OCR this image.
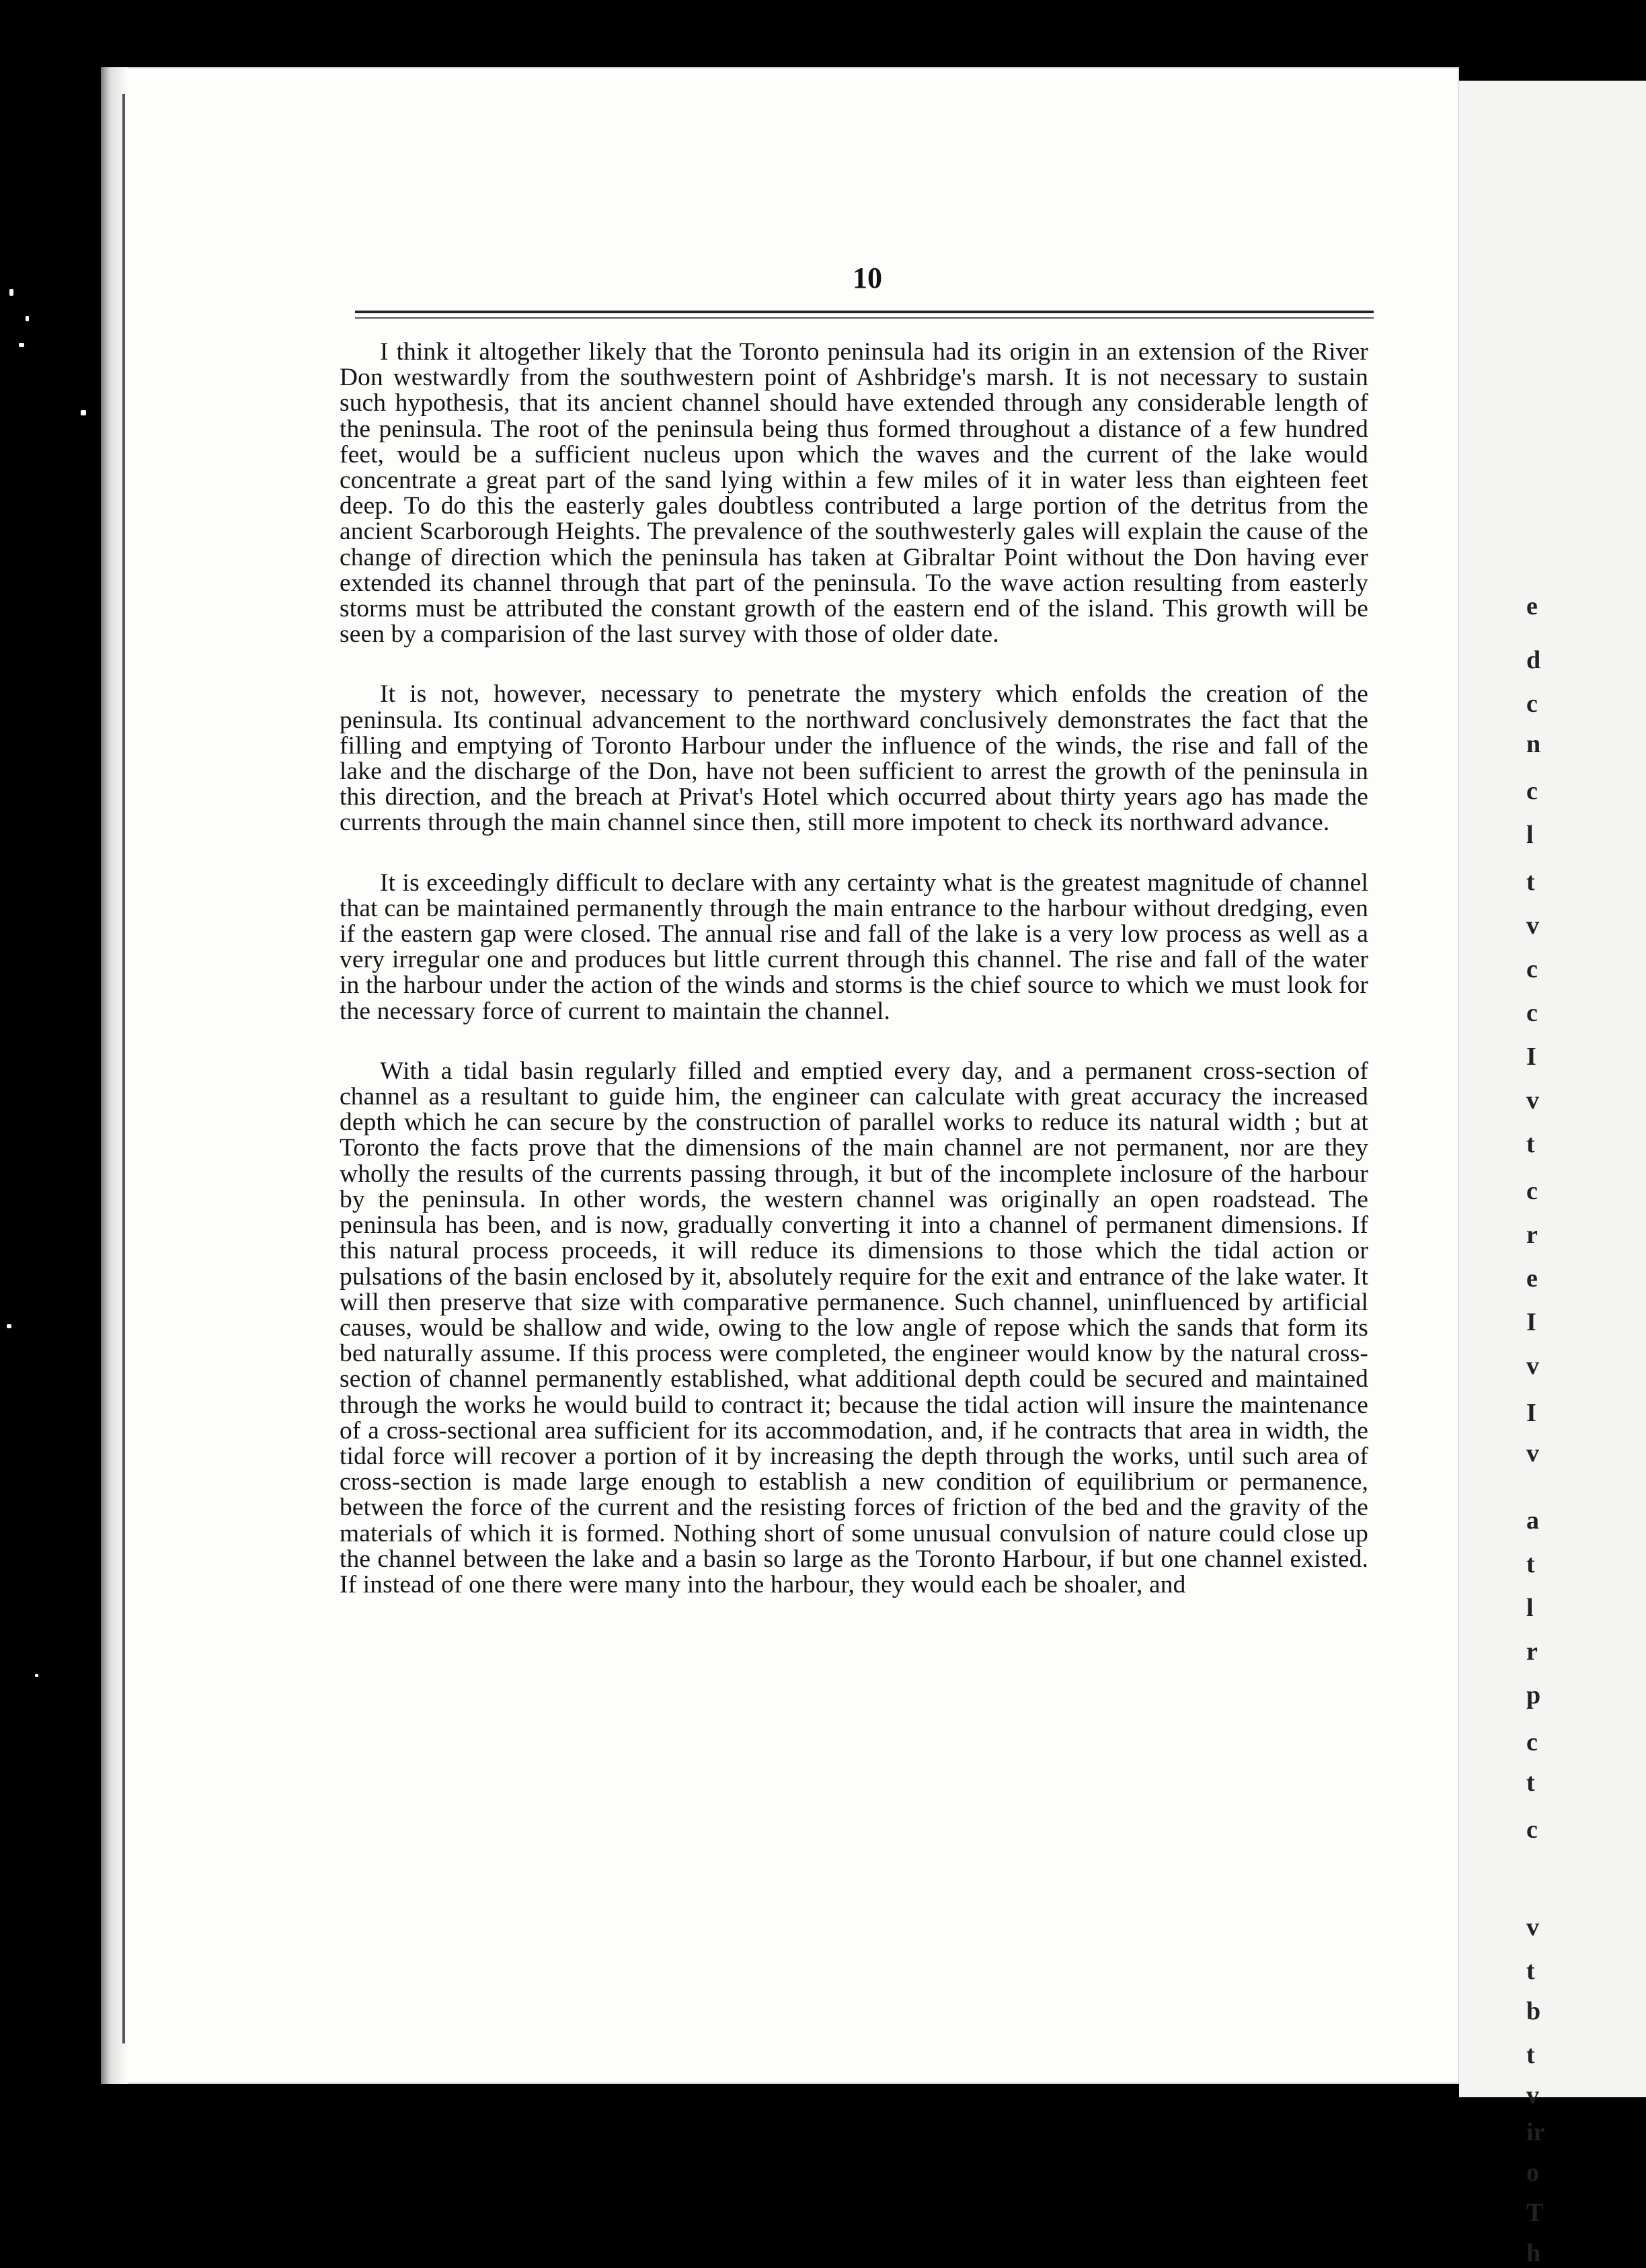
e
d
c
n
c
l
t
v
c
c
I
v
t
c
r
e
I
v
I
v
a
t
l
r
p
c
t
c
v
t
b
t
v
ir
o
T
h
10

I think it altogether likely that the Toronto peninsula had its origin in an extension of the River Don westwardly from the southwestern point of Ashbridge's marsh. It is not necessary to sustain such hypothesis, that its ancient channel should have extended through any considerable length of the peninsula. The root of the peninsula being thus formed throughout a distance of a few hundred feet, would be a sufficient nucleus upon which the waves and the current of the lake would concentrate a great part of the sand lying within a few miles of it in water less than eighteen feet deep. To do this the easterly gales doubtless contributed a large portion of the detritus from the ancient Scarborough Heights. The prevalence of the southwesterly gales will explain the cause of the change of direction which the peninsula has taken at Gibraltar Point without the Don having ever extended its channel through that part of the peninsula. To the wave action resulting from easterly storms must be attributed the constant growth of the eastern end of the island. This growth will be seen by a comparision of the last survey with those of older date.

It is not, however, necessary to penetrate the mystery which enfolds the creation of the peninsula. Its continual advancement to the northward conclusively demonstrates the fact that the filling and emptying of Toronto Harbour under the influence of the winds, the rise and fall of the lake and the discharge of the Don, have not been sufficient to arrest the growth of the peninsula in this direction, and the breach at Privat's Hotel which occurred about thirty years ago has made the currents through the main channel since then, still more impotent to check its northward advance.

It is exceedingly difficult to declare with any certainty what is the greatest magnitude of channel that can be maintained permanently through the main entrance to the harbour without dredging, even if the eastern gap were closed. The annual rise and fall of the lake is a very low process as well as a very irregular one and produces but little current through this channel. The rise and fall of the water in the harbour under the action of the winds and storms is the chief source to which we must look for the necessary force of current to maintain the channel.

With a tidal basin regularly filled and emptied every day, and a permanent cross-section of channel as a resultant to guide him, the engineer can calculate with great accuracy the increased depth which he can secure by the construction of parallel works to reduce its natural width ; but at Toronto the facts prove that the dimensions of the main channel are not permanent, nor are they wholly the results of the currents passing through, it but of the incomplete inclosure of the harbour by the peninsula. In other words, the western channel was originally an open roadstead. The peninsula has been, and is now, gradually converting it into a channel of permanent dimensions. If this natural process proceeds, it will reduce its dimensions to those which the tidal action or pulsations of the basin enclosed by it, absolutely require for the exit and entrance of the lake water. It will then preserve that size with comparative permanence. Such channel, uninfluenced by artificial causes, would be shallow and wide, owing to the low angle of repose which the sands that form its bed naturally assume. If this process were completed, the engineer would know by the natural cross-section of channel permanently established, what additional depth could be secured and maintained through the works he would build to contract it; because the tidal action will insure the maintenance of a cross-sectional area sufficient for its accommodation, and, if he contracts that area in width, the tidal force will recover a portion of it by increasing the depth through the works, until such area of cross-section is made large enough to establish a new condition of equilibrium or permanence, between the force of the current and the resisting forces of friction of the bed and the gravity of the materials of which it is formed. Nothing short of some unusual convulsion of nature could close up the channel between the lake and a basin so large as the Toronto Harbour, if but one channel existed. If instead of one there were many into the harbour, they would each be shoaler, and
